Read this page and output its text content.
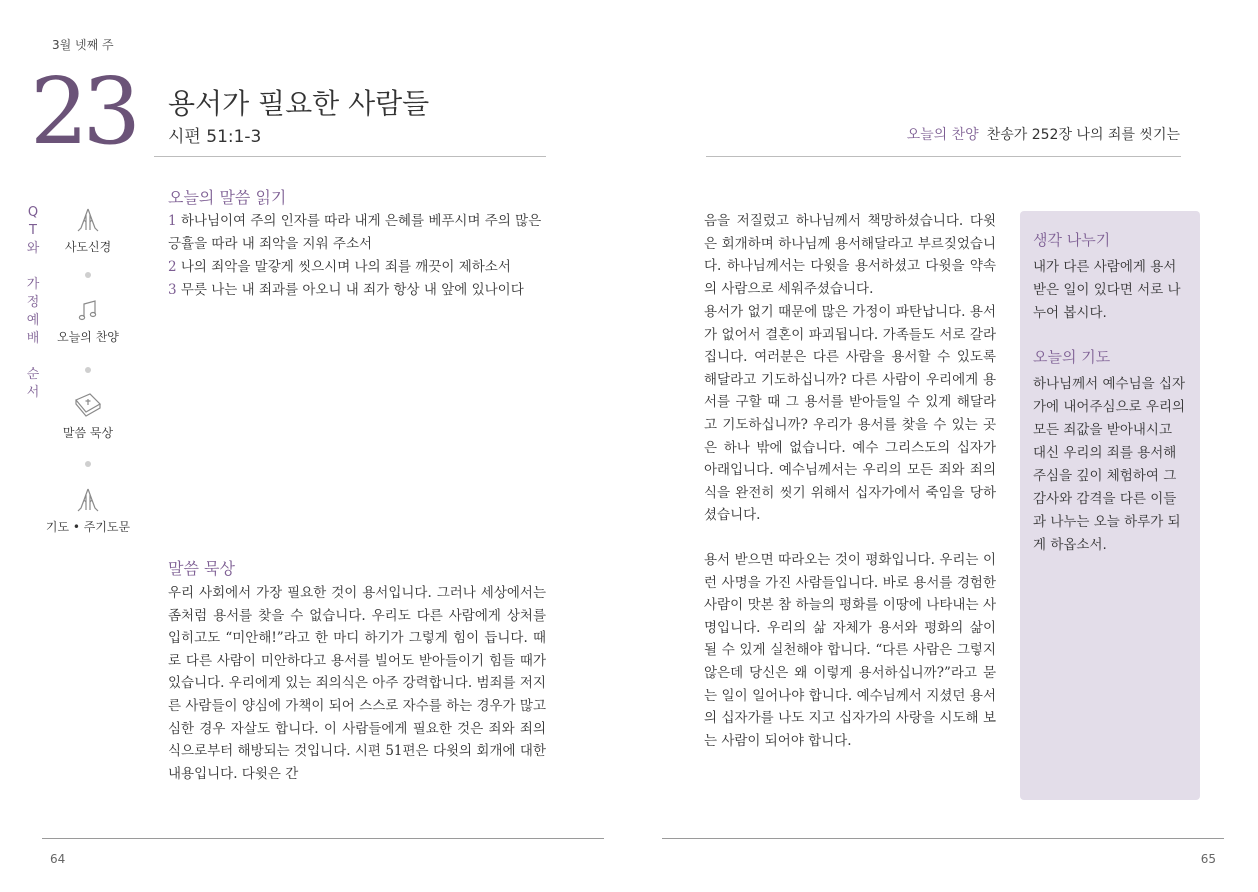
3월 넷째 주
23 용서가 필요한 사람들
시편 51:1-3	오늘의 찬양 찬송가 252장 나의 죄를 씻기는
Q
T
와
가
정
예
배
순
서
사도신경
오늘의 찬양
말씀 묵상
기도 • 주기도문
오늘의 말씀 읽기
1 하나님이여 주의 인자를 따라 내게 은혜를 베푸시며 주의 많은 긍휼을 따라 내 죄악을 지워 주소서
2 나의 죄악을 말갛게 씻으시며 나의 죄를 깨끗이 제하소서
3 무릇 나는 내 죄과를 아오니 내 죄가 항상 내 앞에 있나이다
말씀 묵상
우리 사회에서 가장 필요한 것이 용서입니다. 그러나 세상에서는 좀처럼 용서를 찾을 수 없습니다. 우리도 다른 사람에게 상처를 입히고도 “미안해!”라고 한 마디 하기가 그렇게 힘이 듭니다. 때로 다른 사람이 미안하다고 용서를 빌어도 받아들이기 힘들 때가 있습니다. 우리에게 있는 죄의식은 아주 강력합니다. 범죄를 저지른 사람들이 양심에 가책이 되어 스스로 자수를 하는 경우가 많고 심한 경우 자살도 합니다. 이 사람들에게 필요한 것은 죄와 죄의식으로부터 해방되는 것입니다. 시편 51편은 다윗의 회개에 대한 내용입니다. 다윗은 간
음을 저질렀고 하나님께서 책망하셨습니다. 다윗은 회개하며 하나님께 용서해달라고 부르짖었습니다. 하나님께서는 다윗을 용서하셨고 다윗을 약속의 사람으로 세워주셨습니다.
용서가 없기 때문에 많은 가정이 파탄납니다. 용서가 없어서 결혼이 파괴됩니다. 가족들도 서로 갈라집니다. 여러분은 다른 사람을 용서할 수 있도록 해달라고 기도하십니까? 다른 사람이 우리에게 용서를 구할 때 그 용서를 받아들일 수 있게 해달라고 기도하십니까? 우리가 용서를 찾을 수 있는 곳은 하나 밖에 없습니다. 예수 그리스도의 십자가 아래입니다. 예수님께서는 우리의 모든 죄와 죄의식을 완전히 씻기 위해서 십자가에서 죽임을 당하셨습니다.
용서 받으면 따라오는 것이 평화입니다. 우리는 이런 사명을 가진 사람들입니다. 바로 용서를 경험한 사람이 맛본 참 하늘의 평화를 이땅에 나타내는 사명입니다. 우리의 삶 자체가 용서와 평화의 삶이 될 수 있게 실천해야 합니다. “다른 사람은 그렇지 않은데 당신은 왜 이렇게 용서하십니까?”라고 묻는 일이 일어나야 합니다. 예수님께서 지셨던 용서의 십자가를 나도 지고 십자가의 사랑을 시도해 보는 사람이 되어야 합니다.
생각 나누기
내가 다른 사람에게 용서 받은 일이 있다면 서로 나누어 봅시다.
오늘의 기도
하나님께서 예수님을 십자가에 내어주심으로 우리의 모든 죄값을 받아내시고 대신 우리의 죄를 용서해주심을 깊이 체험하여 그 감사와 감격을 다른 이들과 나누는 오늘 하루가 되게 하옵소서.
64	65
